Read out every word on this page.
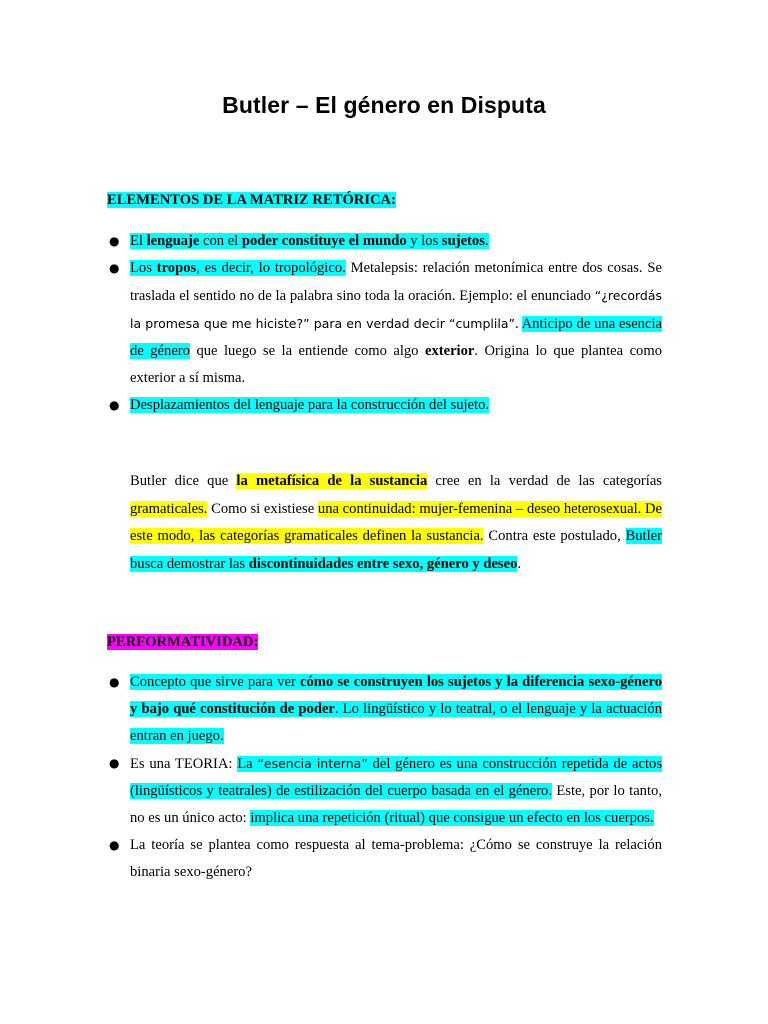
Butler – El género en Disputa
ELEMENTOS DE LA MATRIZ RETÓRICA:
● El lenguaje con el poder constituye el mundo y los sujetos.
● Los tropos, es decir, lo tropológico. Metalepsis: relación metonímica entre dos cosas. Se traslada el sentido no de la palabra sino toda la oración. Ejemplo: el enunciado “¿recordás la promesa que me hiciste?” para en verdad decir “cumplila”. Anticipo de una esencia de género que luego se la entiende como algo exterior. Origina lo que plantea como exterior a sí misma.
● Desplazamientos del lenguaje para la construcción del sujeto.

Butler dice que la metafísica de la sustancia cree en la verdad de las categorías gramaticales. Como si existiese una continuidad: mujer-femenina – deseo heterosexual. De este modo, las categorías gramaticales definen la sustancia. Contra este postulado, Butler busca demostrar las discontinuidades entre sexo, género y deseo.

PERFORMATIVIDAD:
● Concepto que sirve para ver cómo se construyen los sujetos y la diferencia sexo-género y bajo qué constitución de poder. Lo lingüístico y lo teatral, o el lenguaje y la actuación entran en juego.
● Es una TEORIA: La “esencia interna” del género es una construcción repetida de actos (lingüísticos y teatrales) de estilización del cuerpo basada en el género. Este, por lo tanto, no es un único acto: implica una repetición (ritual) que consigue un efecto en los cuerpos.
● La teoría se plantea como respuesta al tema-problema: ¿Cómo se construye la relación binaria sexo-género?
